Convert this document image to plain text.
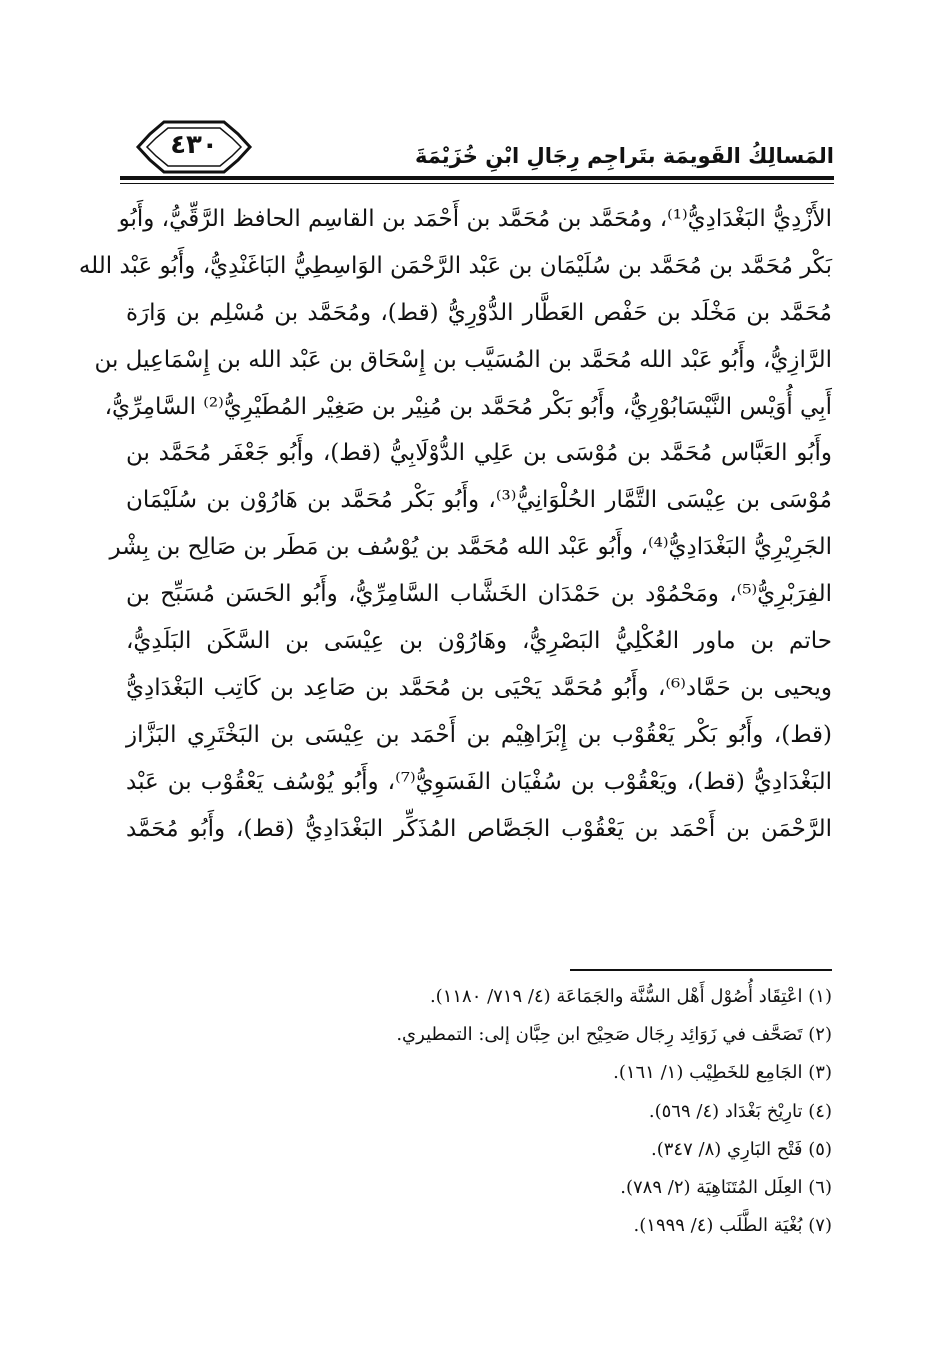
٤٣٠	المَسالِكُ القَويمَة بتَراجِم رِجَالِ ابْنِ خُزَيْمَةَ
الأَزْدِيُّ البَغْدَادِيُّ⁽¹⁾، ومُحَمَّد بن مُحَمَّد بن أَحْمَد بن القاسِم الحافظ الرَّقِّيُّ، وأَبُو
بَكْر مُحَمَّد بن مُحَمَّد بن سُلَيْمَان بن عَبْد الرَّحْمَن الوَاسِطِيُّ البَاغَنْدِيُّ، وأَبُو عَبْد الله
مُحَمَّد بن مَخْلَد بن حَفْص العَطَّار الدُّوْرِيُّ (قط)، ومُحَمَّد بن مُسْلِم بن وَارَة
الرَّازِيُّ، وأَبُو عَبْد الله مُحَمَّد بن المُسَيَّب بن إِسْحَاق بن عَبْد الله بن إِسْمَاعِيل بن
أَبِي أُوَيْس النَّيْسَابُوْرِيُّ، وأَبُو بَكْر مُحَمَّد بن مُنِيْر بن صَغِيْر المُطَيْرِيُّ⁽²⁾ السَّامِرِّيُّ،
وأَبُو العَبَّاس مُحَمَّد بن مُوْسَى بن عَلِي الدُّوْلَابِيُّ (قط)، وأَبُو جَعْفَر مُحَمَّد بن
مُوْسَى بن عِيْسَى التَّمَّار الحُلْوَانِيُّ⁽³⁾، وأَبُو بَكْر مُحَمَّد بن هَارُوْن بن سُلَيْمَان
الجَرِيْرِيُّ البَغْدَادِيُّ⁽⁴⁾، وأَبُو عَبْد الله مُحَمَّد بن يُوْسُف بن مَطَر بن صَالِح بن بِشْر
الفِرَبْرِيُّ⁽⁵⁾، ومَحْمُوْد بن حَمْدَان الخَشَّاب السَّامِرِّيُّ، وأَبُو الحَسَن مُسَبِّح بن
حاتم بن ماور العُكْلِيُّ البَصْرِيُّ، وهَارُوْن بن عِيْسَى بن السَّكَن البَلَدِيُّ،
ويحيى بن حَمَّاد⁽⁶⁾، وأَبُو مُحَمَّد يَحْيَى بن مُحَمَّد بن صَاعِد بن كَاتِب البَغْدَادِيُّ
(قط)، وأَبُو بَكْر يَعْقُوْب بن إِبْرَاهِيْم بن أَحْمَد بن عِيْسَى بن البَخْتَرِي البَزَّاز
البَغْدَادِيُّ (قط)، ويَعْقُوْب بن سُفْيَان الفَسَوِيُّ⁽⁷⁾، وأَبُو يُوْسُف يَعْقُوْب بن عَبْد
الرَّحْمَن بن أَحْمَد بن يَعْقُوْب الجَصَّاص المُذَكِّر البَغْدَادِيُّ (قط)، وأَبُو مُحَمَّد
(١) اعْتِقَاد أُصُوْل أَهْل السُّنَّة والجَمَاعَة (٤/ ٧١٩/ ١١٨٠).
(٢) تَصَحَّف في زَوَائِد رِجَال صَحِيْح ابن حِبَّان إلى: التمطيري.
(٣) الجَامِع للخَطِيْب (١/ ١٦١).
(٤) تارِيْخ بَغْدَاد (٤/ ٥٦٩).
(٥) فَتْح البَارِي (٨/ ٣٤٧).
(٦) العِلَل المُتَنَاهِيَة (٢/ ٧٨٩).
(٧) بُغْيَة الطَّلَب (٤/ ١٩٩٩).
